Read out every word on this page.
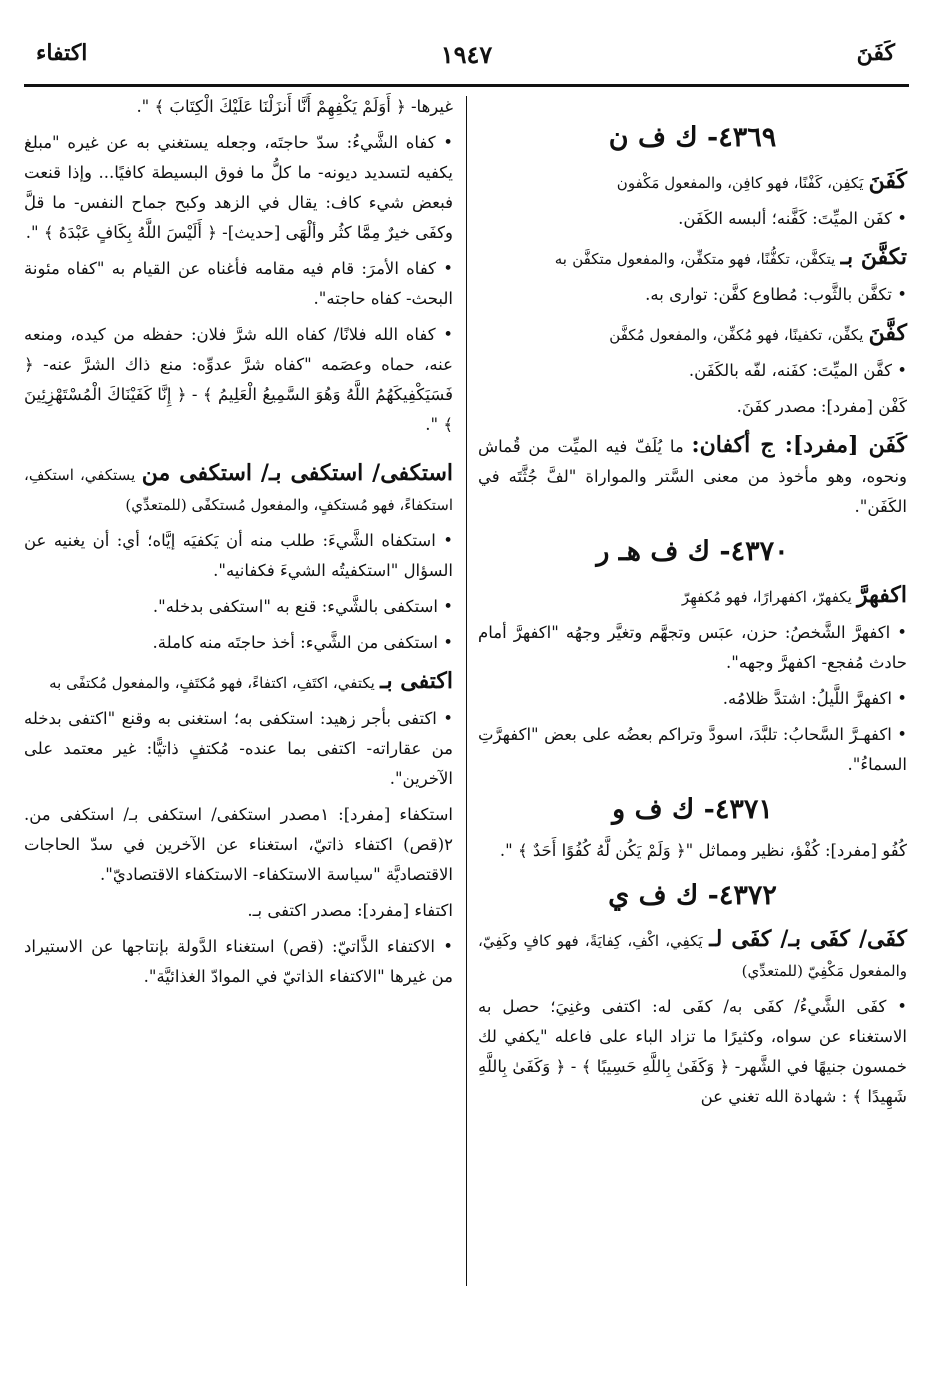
كَفَنَ
١٩٤٧
اكتفاء
٤٣٦٩- ك ف ن

كَفَنَ يَكفِن، كَفْنًا، فهو كافِن، والمفعول مَكْفون

• كفَن الميِّتَ: كَفَّنه؛ ألبسه الكَفَن.

تكفَّنَ بـ يتكفَّن، تكفُّنًا، فهو متكفِّن، والمفعول متكفَّن به

• تكفَّن بالثَّوب: مُطاوع كفَّن: توارى به.

كفَّنَ يكفِّن، تكفينًا، فهو مُكفِّن، والمفعول مُكفَّن

• كفَّن الميِّتَ: كفَنه، لفّه بالكَفَن.

كَفْن [مفرد]: مصدر كفَنَ.

كَفَن [مفرد]: ج أكفان: ما يُلَفّ فيه الميِّت من قُماش ونحوه، وهو مأخوذ من معنى السَّتر والمواراة "لفَّ جُثَّتَه في الكَفَن".

٤٣٧٠- ك ف هـ ر

اكفهرَّ يكفهرّ، اكفهرارًا، فهو مُكفهِرّ

• اكفهرَّ الشَّخصُ: حزن، عبَس وتجهَّم وتغيَّر وجهُه "اكفهرَّ أمام حادث مُفجع- اكفهرَّ وجهه".

• اكفهرَّ اللَّيلُ: اشتدَّ ظلامُه.

• اكفهـرَّ السَّحابُ: تلبَّدَ، اسودَّ وتراكم بعضُه على بعض "اكفهرَّتِ السماءُ".

٤٣٧١- ك ف و

كُفُو [مفرد]: كُفْؤ، نظير ومماثل "﴿ وَلَمْ يَكُن لَّهُ كُفُوًا أَحَدٌ ﴾ ".

٤٣٧٢- ك ف ي

كفَى/ كفَى بـ/ كفَى لـ يَكفِي، اكْفِ، كِفايَةً، فهو كافٍ وكَفِيّ، والمفعول مَكْفِيّ (للمتعدِّي)

• كفَى الشَّيءُ/ كفَى به/ كفَى له: اكتفى وغنِيَ؛ حصل به الاستغناء عن سواه، وكثيرًا ما تزاد الباء على فاعله "يكفي لك خمسون جنيهًا في الشَّهر- ﴿ وَكَفَىٰ بِاللَّهِ حَسِيبًا ﴾ - ﴿ وَكَفَىٰ بِاللَّهِ شَهِيدًا ﴾ : شهادة الله تغني عن

غيرها- ﴿ أَوَلَمْ يَكْفِهِمْ أَنَّا أَنزَلْنَا عَلَيْكَ الْكِتَابَ ﴾ ".

• كفاه الشَّيءُ: سدّ حاجتَه، وجعله يستغني به عن غيره "مبلغ يكفيه لتسديد ديونه- ما كلُّ ما فوق البسيطة كافيًا... وإذا قنعت فبعض شيء كاف: يقال في الزهد وكبح جماح النفس- ما قلَّ وكفَى خيرٌ مِمَّا كثُر وألْهَى [حديث]- ﴿ أَلَيْسَ اللَّهُ بِكَافٍ عَبْدَهُ ﴾ ".

• كفاه الأمرَ: قام فيه مقامه فأغناه عن القيام به "كفاه مئونة البحث- كفاه حاجته".

• كفاه الله فلانًا/ كفاه الله شرَّ فلان: حفظه من كيده، ومنعه عنه، حماه وعصَمه "كفاه شرَّ عدوِّه: منع ذاك الشرَّ عنه- ﴿ فَسَيَكْفِيكَهُمُ اللَّهُ وَهُوَ السَّمِيعُ الْعَلِيمُ ﴾ - ﴿ إِنَّا كَفَيْنَاكَ الْمُسْتَهْزِئِينَ ﴾ ".

استكفى/ استكفى بـ/ استكفى من يستكفي، استكفِ، استكفاءً، فهو مُستكفٍ، والمفعول مُستكفًى (للمتعدِّي)

• استكفاه الشَّيءَ: طلب منه أن يَكفيَه إيَّاه؛ أي: أن يغنيه عن السؤال "استكفيتُه الشيءَ فكفانيه".

• استكفى بالشَّيء: قنع به "استكفى بدخله".

• استكفى من الشَّيء: أخذ حاجتَه منه كاملة.

اكتفى بـ يكتفي، اكتَفِ، اكتفاءً، فهو مُكتَفٍ، والمفعول مُكتفًى به

• اكتفى بأجر زهيد: استكفى به؛ استغنى به وقنع "اكتفى بدخله من عقاراته- اكتفى بما عنده- مُكتفٍ ذاتيًّا: غير معتمد على الآخرين".

استكفاء [مفرد]: ١مصدر استكفى/ استكفى بـ/ استكفى من. ٢(قص) اكتفاء ذاتيّ، استغناء عن الآخرين في سدّ الحاجات الاقتصاديَّة "سياسة الاستكفاء- الاستكفاء الاقتصاديّ".

اكتفاء [مفرد]: مصدر اكتفى بـ.

• الاكتفاء الذَّاتيّ: (قص) استغناء الدَّولة بإنتاجها عن الاستيراد من غيرها "الاكتفاء الذاتيّ في الموادّ الغذائيَّة".
